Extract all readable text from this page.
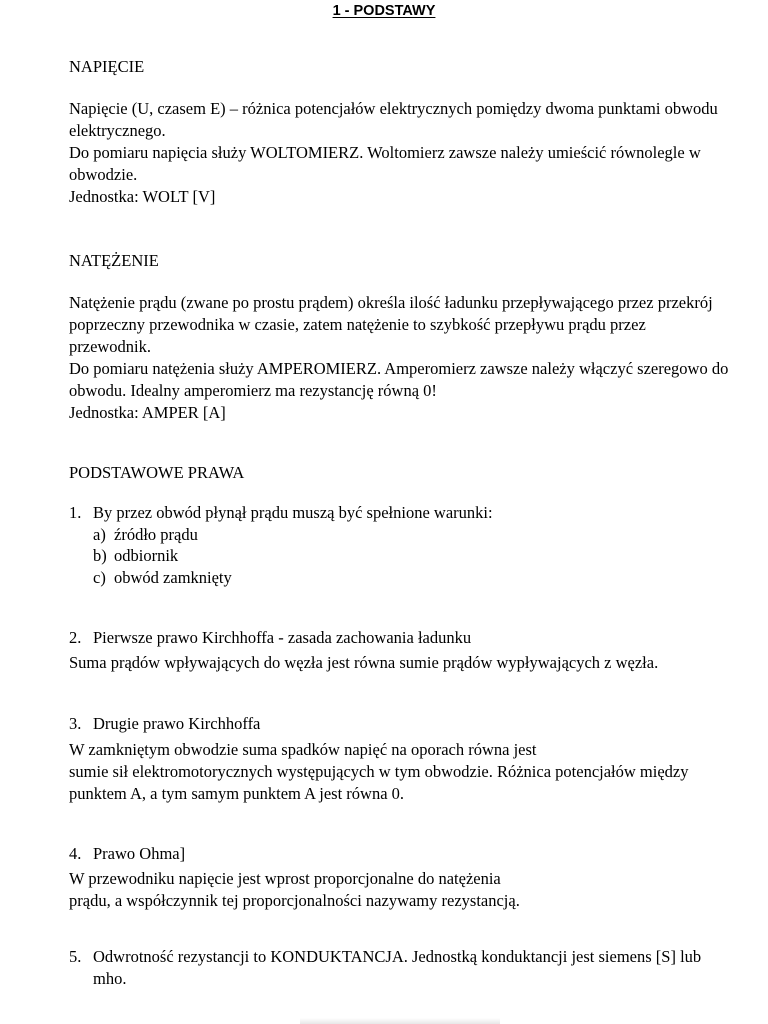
1 - PODSTAWY
NAPIĘCIE
Napięcie (U, czasem E) – różnica potencjałów elektrycznych pomiędzy dwoma punktami obwodu
elektrycznego.
Do pomiaru napięcia służy WOLTOMIERZ. Woltomierz zawsze należy umieścić równolegle w
obwodzie.
Jednostka: WOLT [V]
NATĘŻENIE
Natężenie prądu (zwane po prostu prądem) określa ilość ładunku przepływającego przez przekrój
poprzeczny przewodnika w czasie, zatem natężenie to szybkość przepływu prądu przez
przewodnik.
Do pomiaru natężenia służy AMPEROMIERZ. Amperomierz zawsze należy włączyć szeregowo do
obwodu. Idealny amperomierz ma rezystancję równą 0!
Jednostka: AMPER [A]
PODSTAWOWE PRAWA
1. By przez obwód płynął prądu muszą być spełnione warunki:
a) źródło prądu
b) odbiornik
c) obwód zamknięty
2. Pierwsze prawo Kirchhoffa - zasada zachowania ładunku
Suma prądów wpływających do węzła jest równa sumie prądów wypływających z węzła.
3. Drugie prawo Kirchhoffa
W zamkniętym obwodzie suma spadków napięć na oporach równa jest
sumie sił elektromotorycznych występujących w tym obwodzie. Różnica potencjałów między
punktem A, a tym samym punktem A jest równa 0.
4. Prawo Ohma]
W przewodniku napięcie jest wprost proporcjonalne do natężenia
prądu, a współczynnik tej proporcjonalności nazywamy rezystancją.
5. Odwrotność rezystancji to KONDUKTANCJA. Jednostką konduktancji jest siemens [S] lub
mho.
